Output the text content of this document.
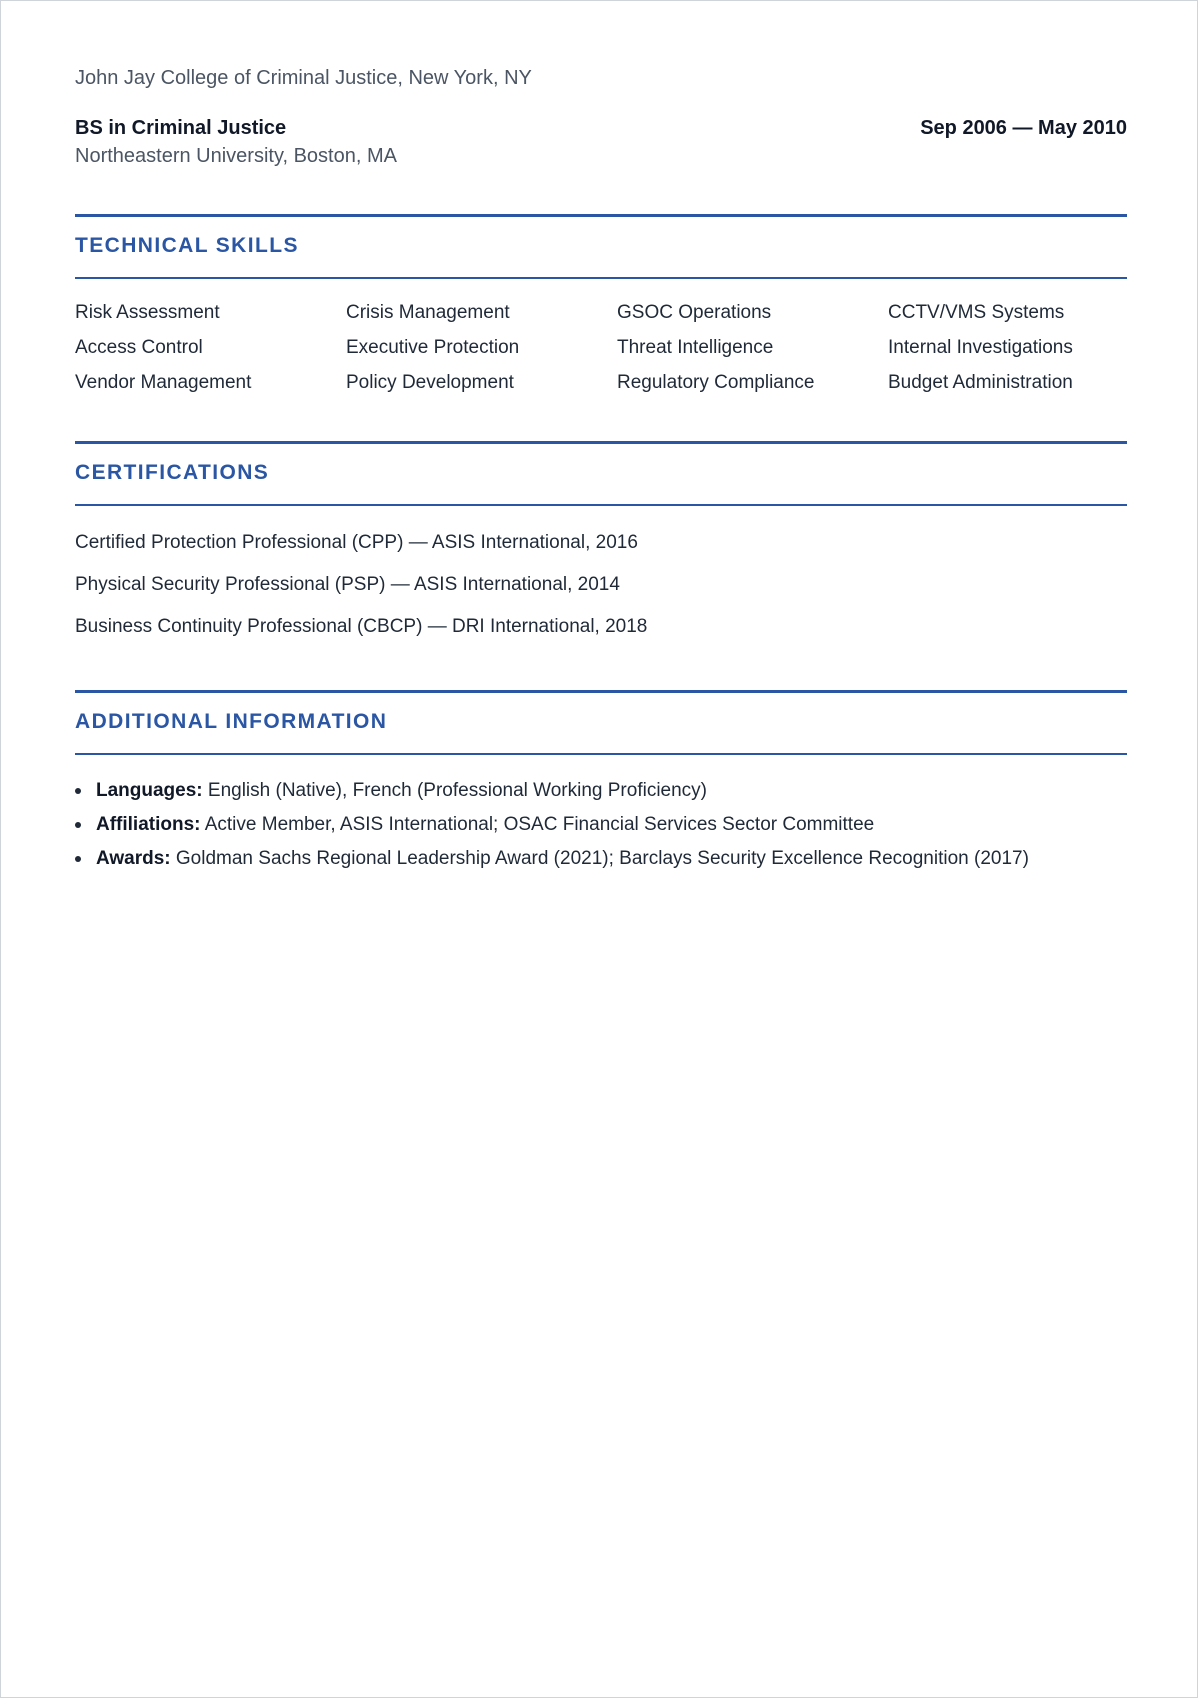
John Jay College of Criminal Justice, New York, NY
BS in Criminal Justice	Sep 2006 — May 2010
Northeastern University, Boston, MA
TECHNICAL SKILLS
Risk Assessment	Crisis Management	GSOC Operations	CCTV/VMS Systems
Access Control	Executive Protection	Threat Intelligence	Internal Investigations
Vendor Management	Policy Development	Regulatory Compliance	Budget Administration
CERTIFICATIONS
Certified Protection Professional (CPP) — ASIS International, 2016
Physical Security Professional (PSP) — ASIS International, 2014
Business Continuity Professional (CBCP) — DRI International, 2018
ADDITIONAL INFORMATION
Languages: English (Native), French (Professional Working Proficiency)
Affiliations: Active Member, ASIS International; OSAC Financial Services Sector Committee
Awards: Goldman Sachs Regional Leadership Award (2021); Barclays Security Excellence Recognition (2017)
